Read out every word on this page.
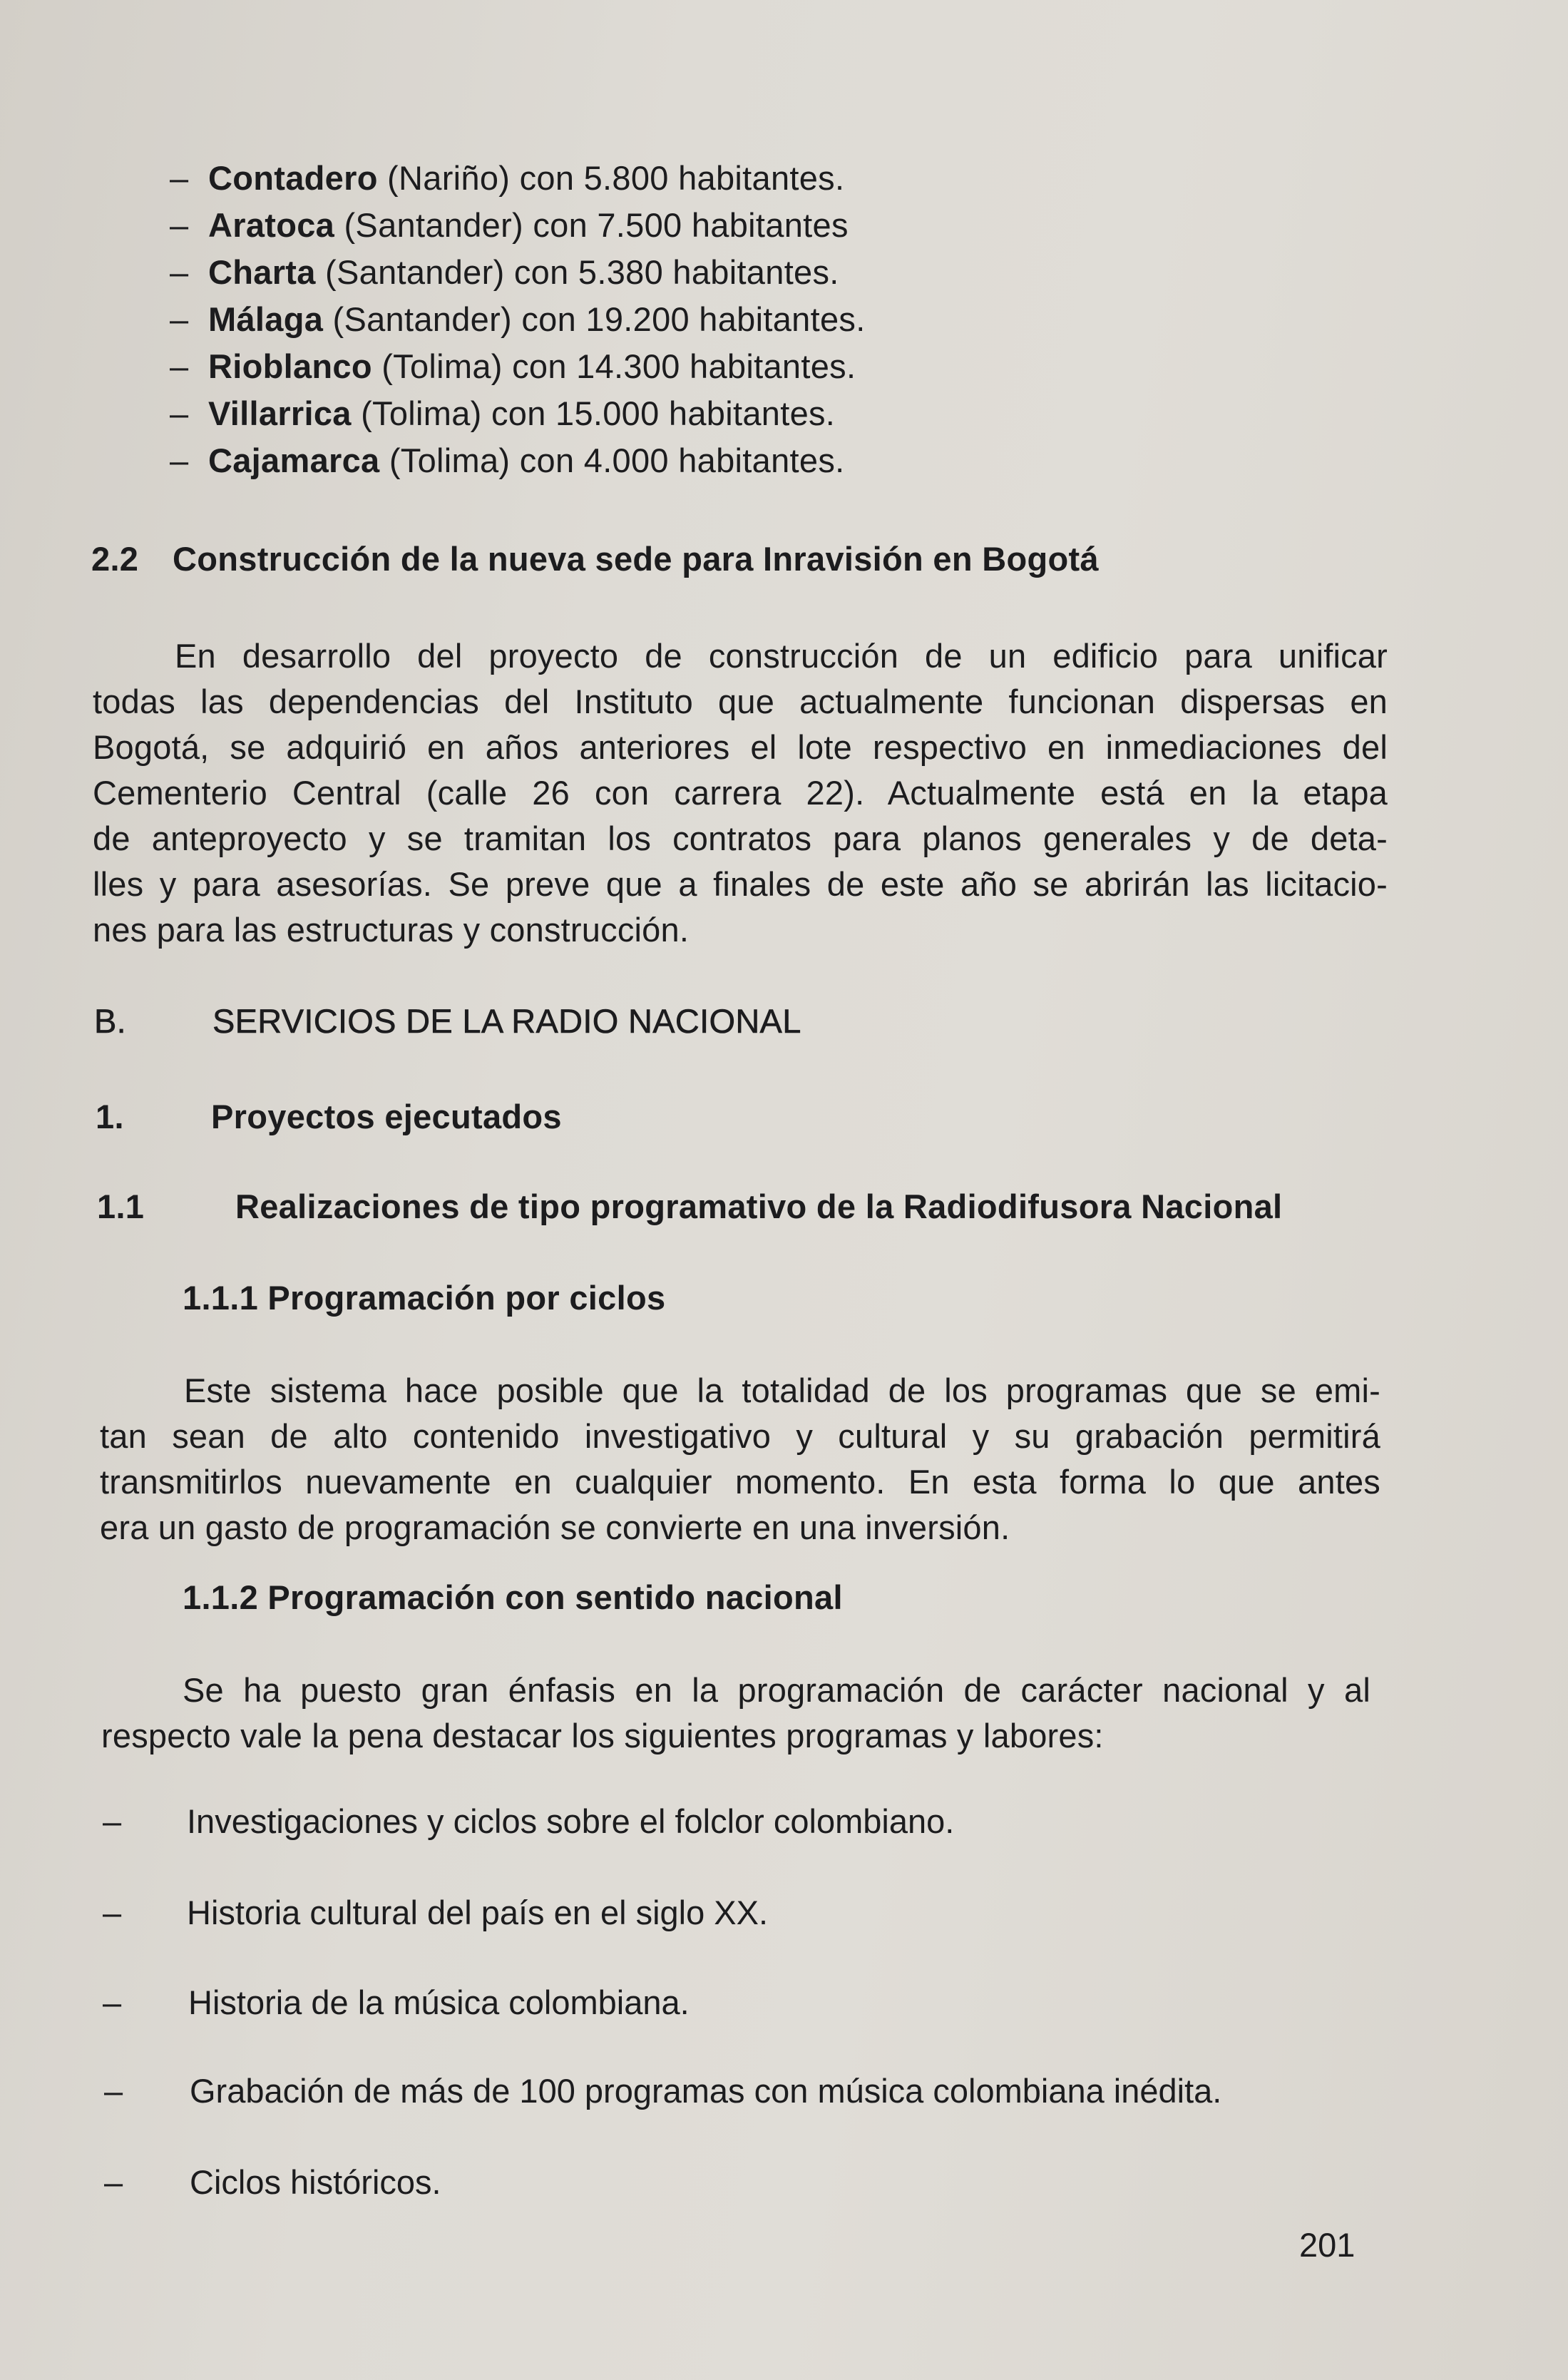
– Contadero (Nariño) con 5.800 habitantes.
– Aratoca (Santander) con 7.500 habitantes
– Charta (Santander) con 5.380 habitantes.
– Málaga (Santander) con 19.200 habitantes.
– Rioblanco (Tolima) con 14.300 habitantes.
– Villarrica (Tolima) con 15.000 habitantes.
– Cajamarca (Tolima) con 4.000 habitantes.
2.2 Construcción de la nueva sede para Inravisión en Bogotá
En desarrollo del proyecto de construcción de un edificio para unificar
todas las dependencias del Instituto que actualmente funcionan dispersas en
Bogotá, se adquirió en años anteriores el lote respectivo en inmediaciones del
Cementerio Central (calle 26 con carrera 22). Actualmente está en la etapa
de anteproyecto y se tramitan los contratos para planos generales y de deta-
lles y para asesorías. Se preve que a finales de este año se abrirán las licitacio-
nes para las estructuras y construcción.
B.	SERVICIOS DE LA RADIO NACIONAL
1.	Proyectos ejecutados
1.1	Realizaciones de tipo programativo de la Radiodifusora Nacional
1.1.1 Programación por ciclos
Este sistema hace posible que la totalidad de los programas que se emi-
tan sean de alto contenido investigativo y cultural y su grabación permitirá
transmitirlos nuevamente en cualquier momento. En esta forma lo que antes
era un gasto de programación se convierte en una inversión.
1.1.2 Programación con sentido nacional
Se ha puesto gran énfasis en la programación de carácter nacional y al
respecto vale la pena destacar los siguientes programas y labores:
– Investigaciones y ciclos sobre el folclor colombiano.
– Historia cultural del país en el siglo XX.
– Historia de la música colombiana.
– Grabación de más de 100 programas con música colombiana inédita.
– Ciclos históricos.
201
